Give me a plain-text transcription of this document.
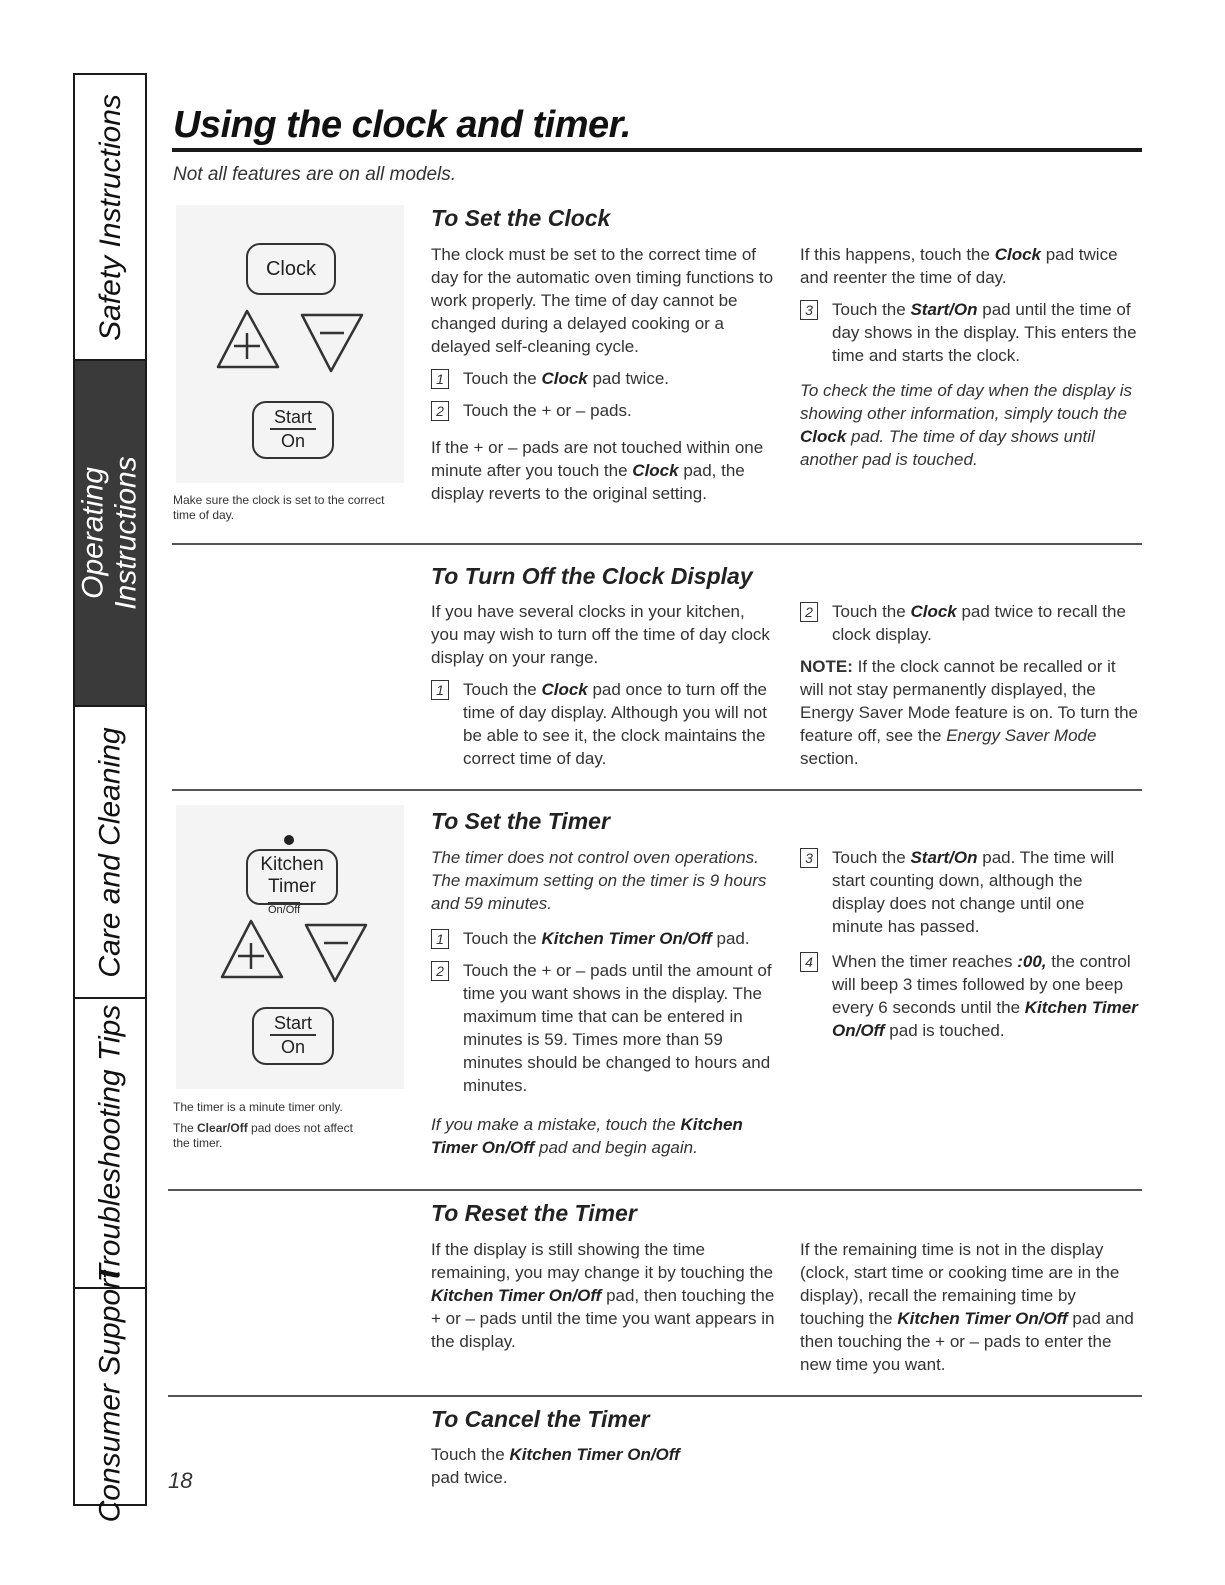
Safety Instructions
Operating
Instructions
Care and Cleaning
Troubleshooting Tips
Consumer Support
Using the clock and timer.
Not all features are on all models.
Clock
Start
On
Make sure the clock is set to the correct
time of day.
To Set the Clock

The clock must be set to the correct time of day for the automatic oven timing functions to work properly. The time of day cannot be changed during a delayed cooking or a delayed self-cleaning cycle.

1	Touch the Clock pad twice.
2	Touch the + or – pads.

If the + or – pads are not touched within one minute after you touch the Clock pad, the display reverts to the original setting.

If this happens, touch the Clock pad twice and reenter the time of day.

3	Touch the Start/On pad until the time of day shows in the display. This enters the time and starts the clock.

To check the time of day when the display is showing other information, simply touch the Clock pad. The time of day shows until another pad is touched.

To Turn Off the Clock Display

If you have several clocks in your kitchen, you may wish to turn off the time of day clock display on your range.

1	Touch the Clock pad once to turn off the time of day display. Although you will not be able to see it, the clock maintains the correct time of day.
2	Touch the Clock pad twice to recall the clock display.

NOTE: If the clock cannot be recalled or it will not stay permanently displayed, the Energy Saver Mode feature is on. To turn the feature off, see the Energy Saver Mode section.

Kitchen
Timer
On/Off
Start
On
The timer is a minute timer only.
The Clear/Off pad does not affect
the timer.
To Set the Timer

The timer does not control oven operations. The maximum setting on the timer is 9 hours and 59 minutes.

1	Touch the Kitchen Timer On/Off pad.
2	Touch the + or – pads until the amount of time you want shows in the display. The maximum time that can be entered in minutes is 59. Times more than 59 minutes should be changed to hours and minutes.

If you make a mistake, touch the Kitchen Timer On/Off pad and begin again.

3	Touch the Start/On pad. The time will start counting down, although the display does not change until one minute has passed.
4	When the timer reaches :00, the control will beep 3 times followed by one beep every 6 seconds until the Kitchen Timer On/Off pad is touched.
To Reset the Timer

If the display is still showing the time remaining, you may change it by touching the Kitchen Timer On/Off pad, then touching the + or – pads until the time you want appears in the display.

If the remaining time is not in the display (clock, start time or cooking time are in the display), recall the remaining time by touching the Kitchen Timer On/Off pad and then touching the + or – pads to enter the new time you want.

To Cancel the Timer
Touch the Kitchen Timer On/Off
pad twice.
18
